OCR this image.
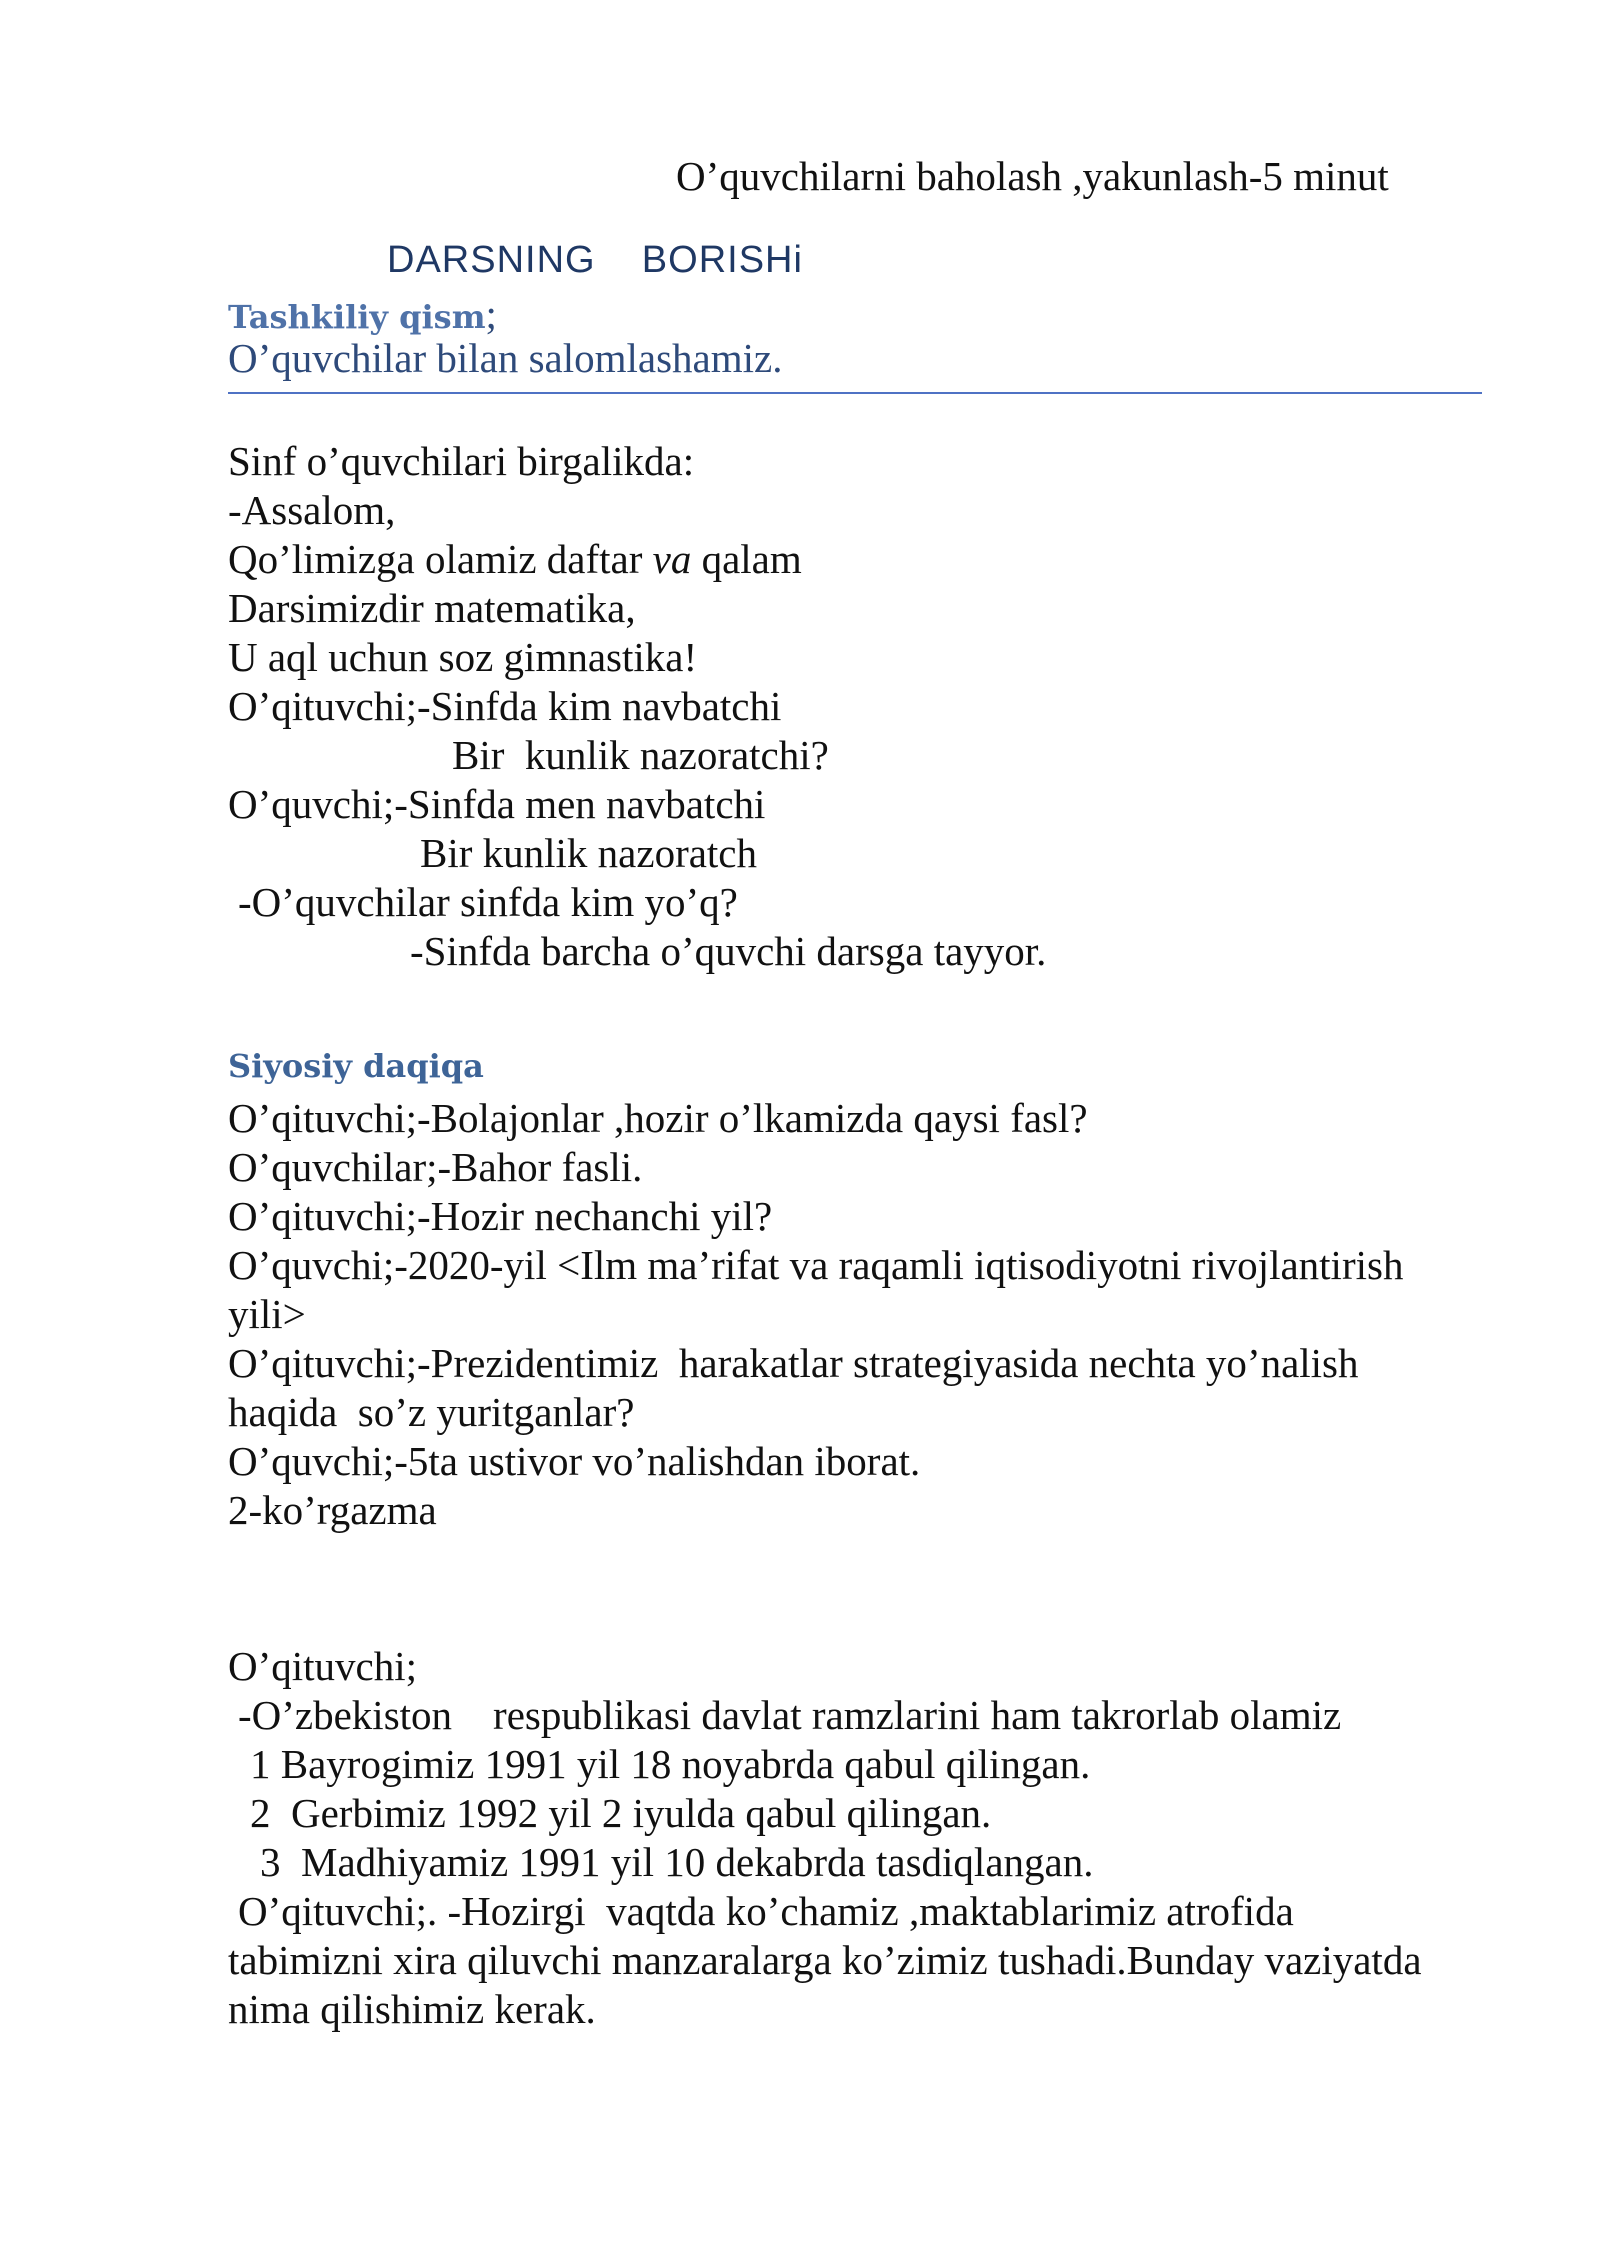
O’quvchilarni baholash ,yakunlash-5 minut
DARSNING    BORISHi
Tashkiliy qism;
O’quvchilar bilan salomlashamiz.
Sinf o’quvchilari birgalikda:
-Assalom,
Qo’limizga olamiz daftar va qalam
Darsimizdir matematika,
U aql uchun soz gimnastika!
O’qituvchi;-Sinfda kim navbatchi
Bir  kunlik nazoratchi?
O’quvchi;-Sinfda men navbatchi
Bir kunlik nazoratch
-O’quvchilar sinfda kim yo’q?
-Sinfda barcha o’quvchi darsga tayyor.
Siyosiy daqiqa
O’qituvchi;-Bolajonlar ,hozir o’lkamizda qaysi fasl?
O’quvchilar;-Bahor fasli.
O’qituvchi;-Hozir nechanchi yil?
O’quvchi;-2020-yil <Ilm ma’rifat va raqamli iqtisodiyotni rivojlantirish
yili>
O’qituvchi;-Prezidentimiz  harakatlar strategiyasida nechta yo’nalish
haqida  so’z yuritganlar?
O’quvchi;-5ta ustivor vo’nalishdan iborat.
2-ko’rgazma
O’qituvchi;
-O’zbekiston    respublikasi davlat ramzlarini ham takrorlab olamiz
1 Bayrogimiz 1991 yil 18 noyabrda qabul qilingan.
2  Gerbimiz 1992 yil 2 iyulda qabul qilingan.
3  Madhiyamiz 1991 yil 10 dekabrda tasdiqlangan.
O’qituvchi;. -Hozirgi  vaqtda ko’chamiz ,maktablarimiz atrofida
tabimizni xira qiluvchi manzaralarga ko’zimiz tushadi.Bunday vaziyatda
nima qilishimiz kerak.
